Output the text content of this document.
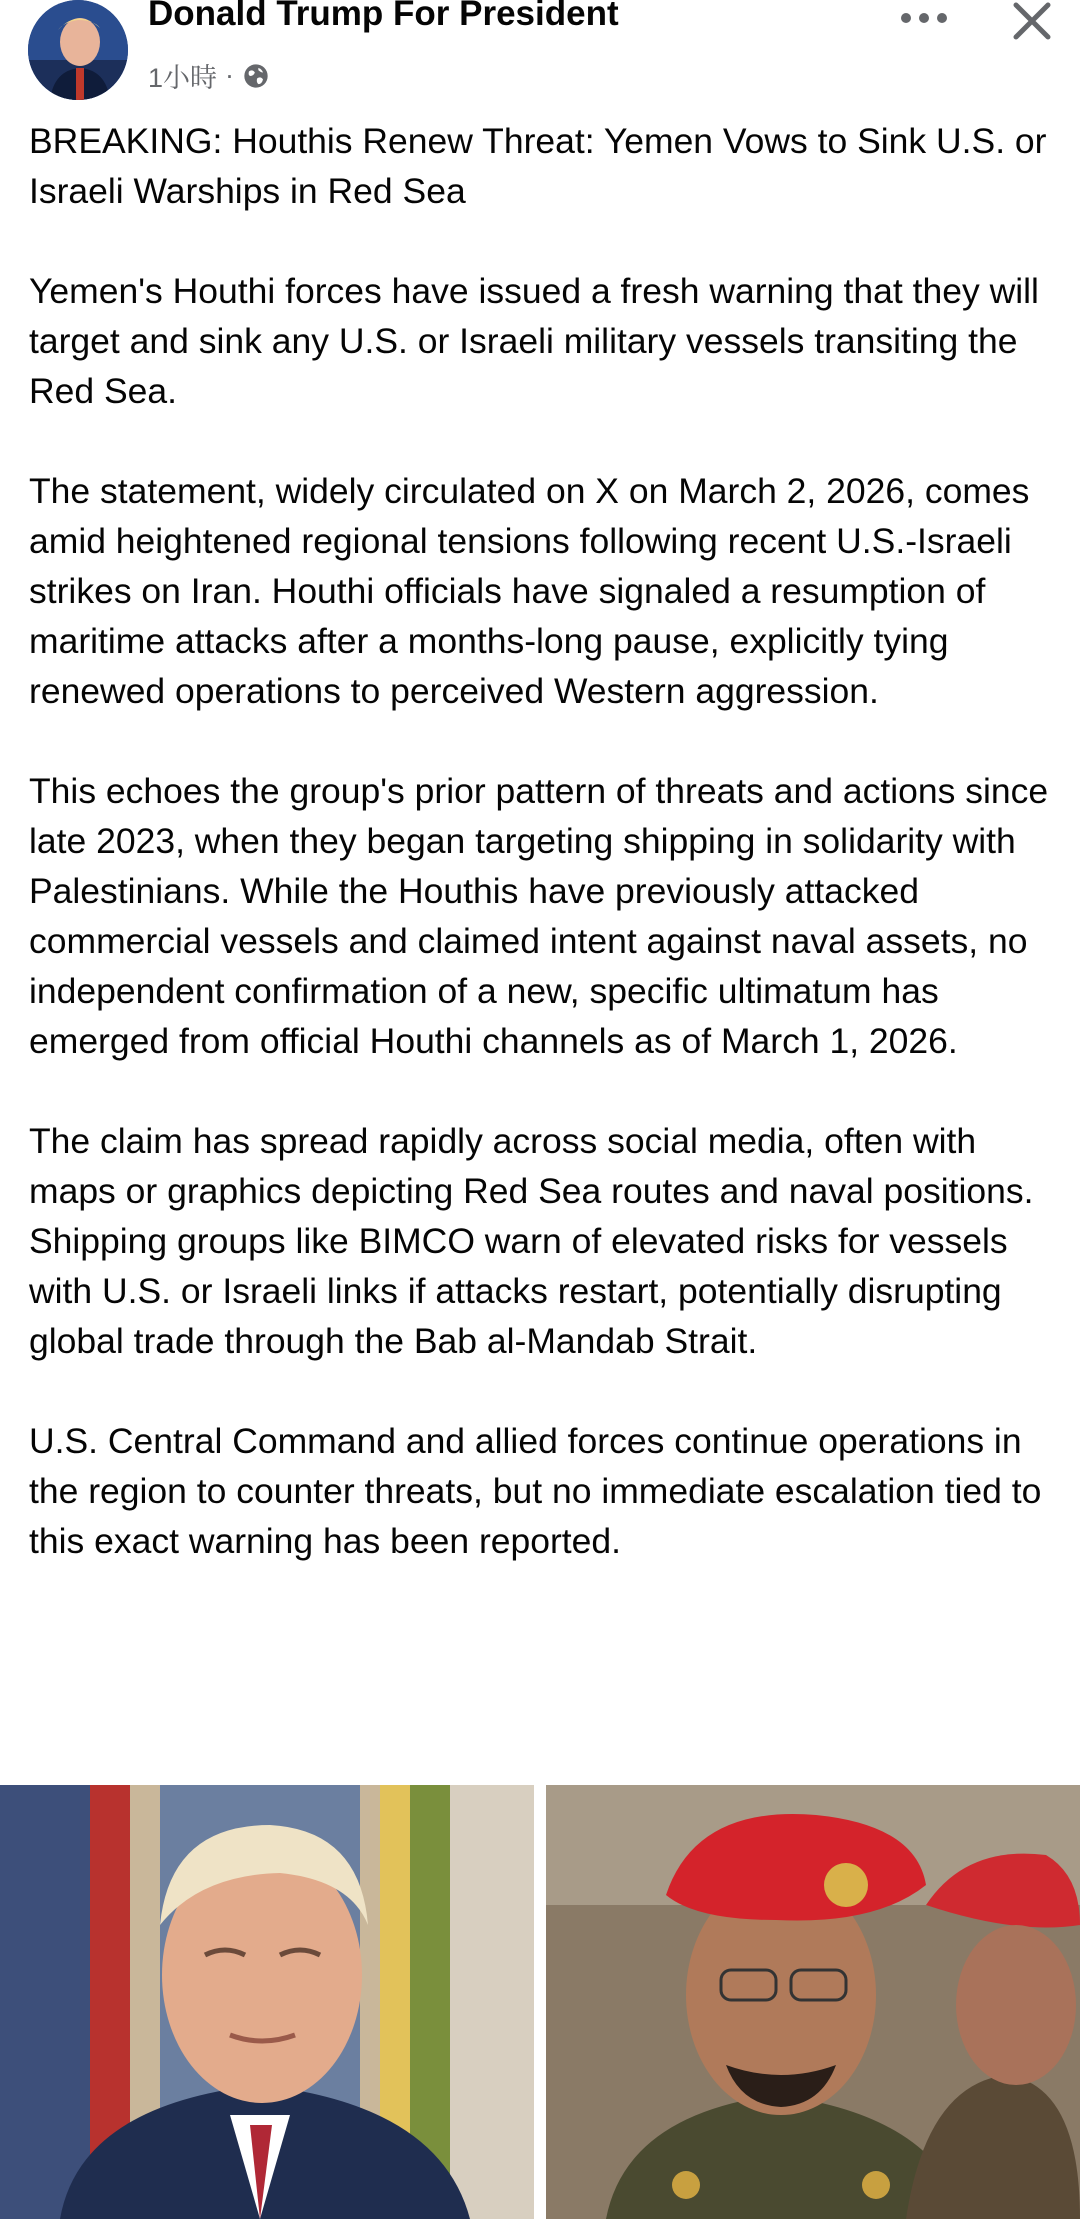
Donald Trump For President
1小時 ·

BREAKING: Houthis Renew Threat: Yemen Vows to Sink U.S. or Israeli Warships in Red Sea

Yemen's Houthi forces have issued a fresh warning that they will target and sink any U.S. or Israeli military vessels transiting the Red Sea.

The statement, widely circulated on X on March 2, 2026, comes amid heightened regional tensions following recent U.S.-Israeli strikes on Iran. Houthi officials have signaled a resumption of maritime attacks after a months-long pause, explicitly tying renewed operations to perceived Western aggression.

This echoes the group's prior pattern of threats and actions since late 2023, when they began targeting shipping in solidarity with Palestinians. While the Houthis have previously attacked commercial vessels and claimed intent against naval assets, no independent confirmation of a new, specific ultimatum has emerged from official Houthi channels as of March 1, 2026.

The claim has spread rapidly across social media, often with maps or graphics depicting Red Sea routes and naval positions. Shipping groups like BIMCO warn of elevated risks for vessels with U.S. or Israeli links if attacks restart, potentially disrupting global trade through the Bab al-Mandab Strait.

U.S. Central Command and allied forces continue operations in the region to counter threats, but no immediate escalation tied to this exact warning has been reported.
